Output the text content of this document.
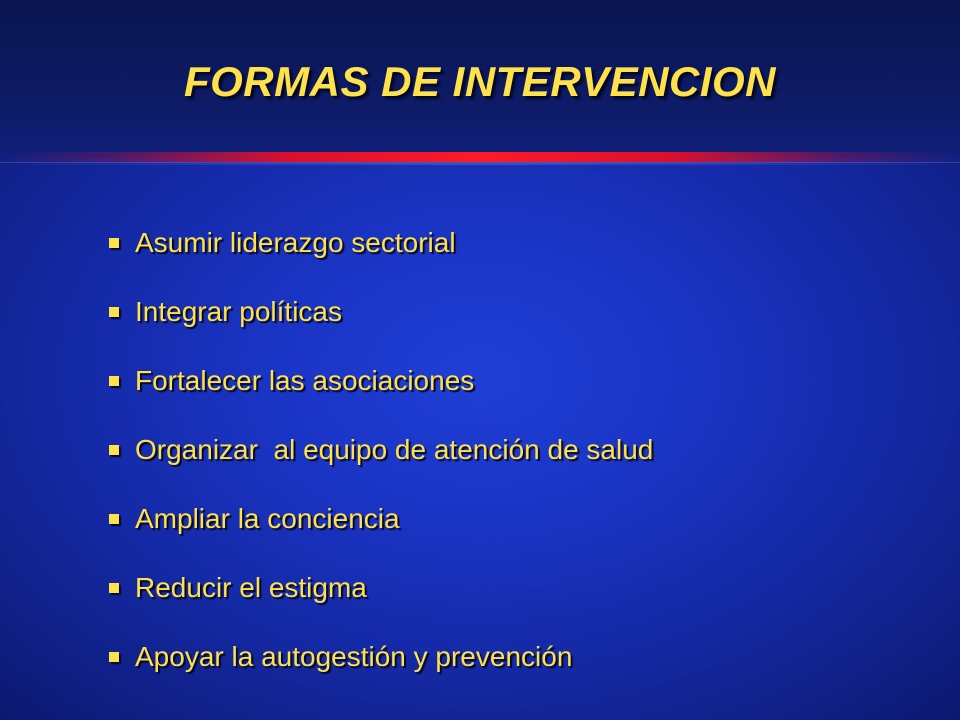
FORMAS DE INTERVENCION
Asumir liderazgo sectorial
Integrar políticas
Fortalecer las asociaciones
Organizar  al equipo de atención de salud
Ampliar la conciencia
Reducir el estigma
Apoyar la autogestión y prevención
